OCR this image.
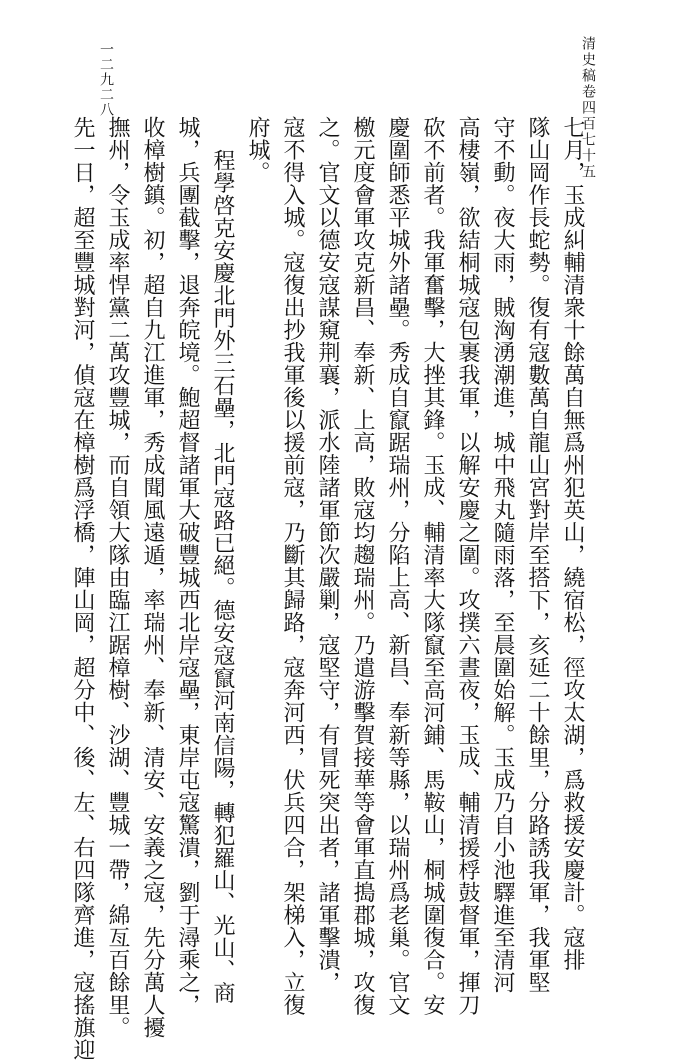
清史稿卷四百七十五
一二九二八
七月，玉成糾輔清衆十餘萬自無爲州犯英山，繞宿松，徑攻太湖，爲救援安慶計。寇排
隊山岡作長蛇勢。復有寇數萬自龍山宮對岸至搭下，亥延二十餘里，分路誘我軍，我軍堅
守不動。夜大雨，賊洶湧潮進，城中飛丸隨雨落，至晨圍始解。玉成乃自小池驛進至清河
高棲嶺，欲結桐城寇包裹我軍，以解安慶之圍。攻撲六晝夜，玉成、輔清援桴鼓督軍，揮刀
砍不前者。我軍奮擊，大挫其鋒。玉成、輔清率大隊竄至高河鋪、馬鞍山，桐城圍復合。安
慶圍師悉平城外諸壘。秀成自竄踞瑞州，分陷上高、新昌、奉新等縣，以瑞州爲老巢。官文
檄元度會軍攻克新昌、奉新、上高，敗寇均趨瑞州。乃遣游擊賀接華等會軍直搗郡城，攻復
之。官文以德安寇謀窺荆襄，派水陸諸軍節次嚴剿，寇堅守，有冒死突出者，諸軍擊潰，
寇不得入城。寇復出抄我軍後以援前寇，乃斷其歸路，寇奔河西，伏兵四合，架梯入，立復
府城。
程學啓克安慶北門外三石壘，北門寇路已絕。德安寇竄河南信陽，轉犯羅山、光山、商
城，兵團截擊，退奔皖境。鮑超督諸軍大破豐城西北岸寇壘，東岸屯寇驚潰，劉于潯乘之，
收樟樹鎮。初，超自九江進軍，秀成聞風遠遁，率瑞州、奉新、清安、安義之寇，先分萬人擾
撫州，令玉成率悍黨二萬攻豐城，而自領大隊由臨江踞樟樹、沙湖、豐城一帶，綿亙百餘里。
先一日，超至豐城對河，偵寇在樟樹爲浮橋，陣山岡，超分中、後、左、右四隊齊進，寇搖旗迎
